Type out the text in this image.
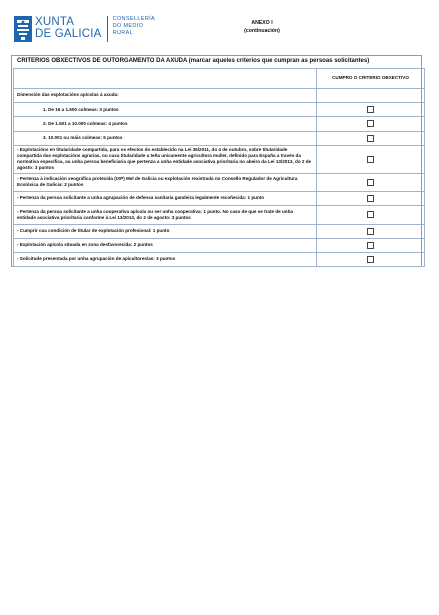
XUNTA
DE GALICIA
CONSELLERÍA
DO MEDIO
RURAL
ANEXO I
(continuación)
CRITERIOS OBXECTIVOS DE OUTORGAMENTO DA AXUDA (marcar aqueles criterios que cumpran as persoas solicitantes)
	CUMPRO O CRITERIO OBXECTIVO
Dimensión das explotacións apícolas á axuda:	
1. De 16 a 1.500 colmeas: 3 puntos	
2. De 1.501 a 10.000 colmeas: 4 puntos	
3. 10.001 ou máis colmeas: 5 puntos	
- Explotacións en titularidade compartida, para os efectos do establecido na Lei 35/2011, do 4 de outubro, sobre titularidade compartida das explotacións agrarias, ou cuxa titularidade a teña unicamente agricultora muller, definido para España a través da normativa específica, ou unha persoa beneficiaria que pertenza a unha entidade asociativa prioritaria no abeiro da Lei 13/2013, do 2 de agosto: 3 puntos	
- Pertenza á indicación xeográfica protexida (IXP) Mel de Galicia ou explotación rexistrada no Consello Regulador de Agricultura Ecolóxica de Galicia: 2 puntos	
- Pertenza da persoa solicitante a unha agrupación de defensa sanitaria gandeira legalmente recoñecida: 1 punto	
- Pertenza da persoa solicitante a unha cooperativa apícola ou ser unha cooperativa: 1 punto. No caso de que se trate de unha entidade asociativa prioritaria conforme á Lei 13/2013, do 2 de agosto: 3 puntos	
- Cumprir coa condición de titular de explotación profesional: 1 punto	
- Explotación apícola situada en zona desfavorecida: 2 puntos	
- Solicitude presentada por unha agrupación de apicultores/as: 3 puntos	
